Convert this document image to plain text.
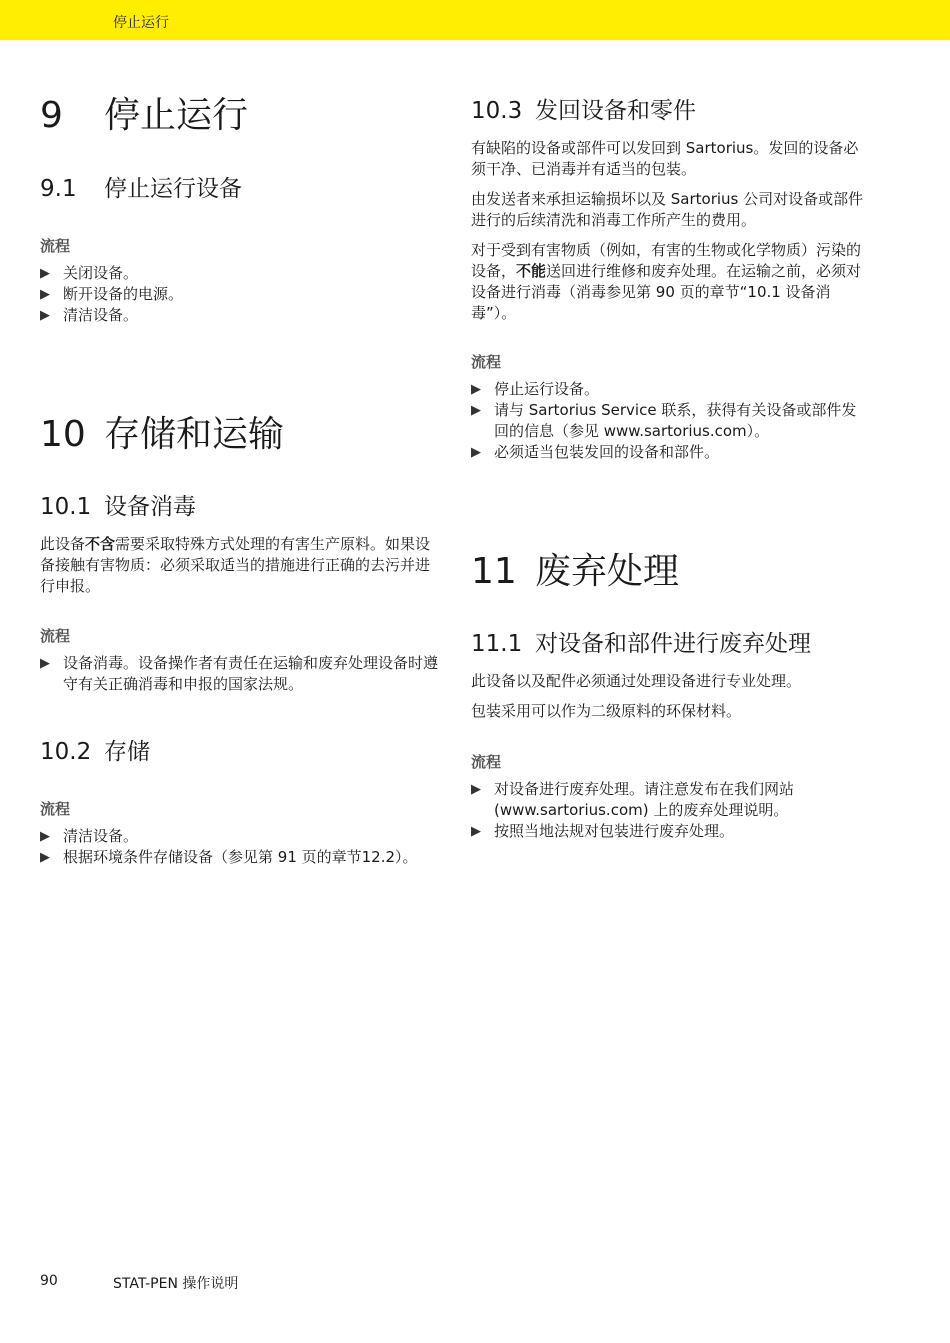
停止运行
9 停止运行
9.1 停止运行设备
流程
▶ 关闭设备。
▶ 断开设备的电源。
▶ 清洁设备。
10 存储和运输
10.1 设备消毒

此设备不含需要采取特殊方式处理的有害生产原料。如果设备接触有害物质：必须采取适当的措施进行正确的去污并进行申报。

流程
▶ 设备消毒。设备操作者有责任在运输和废弃处理设备时遵守有关正确消毒和申报的国家法规。
10.2 存储
流程
▶ 清洁设备。
▶ 根据环境条件存储设备（参见第 91 页的章节12.2）。
10.3 发回设备和零件

有缺陷的设备或部件可以发回到 Sartorius。发回的设备必须干净、已消毒并有适当的包装。

由发送者来承担运输损坏以及 Sartorius 公司对设备或部件进行的后续清洗和消毒工作所产生的费用。

对于受到有害物质（例如，有害的生物或化学物质）污染的设备，不能送回进行维修和废弃处理。在运输之前，必须对设备进行消毒（消毒参见第 90 页的章节“10.1 设备消毒”）。

流程
▶ 停止运行设备。
▶ 请与 Sartorius Service 联系，获得有关设备或部件发回的信息（参见 www.sartorius.com）。
▶ 必须适当包装发回的设备和部件。
11 废弃处理
11.1 对设备和部件进行废弃处理

此设备以及配件必须通过处理设备进行专业处理。

包装采用可以作为二级原料的环保材料。

流程
▶ 对设备进行废弃处理。请注意发布在我们网站 (www.sartorius.com) 上的废弃处理说明。
▶ 按照当地法规对包装进行废弃处理。
90	STAT-PEN 操作说明
